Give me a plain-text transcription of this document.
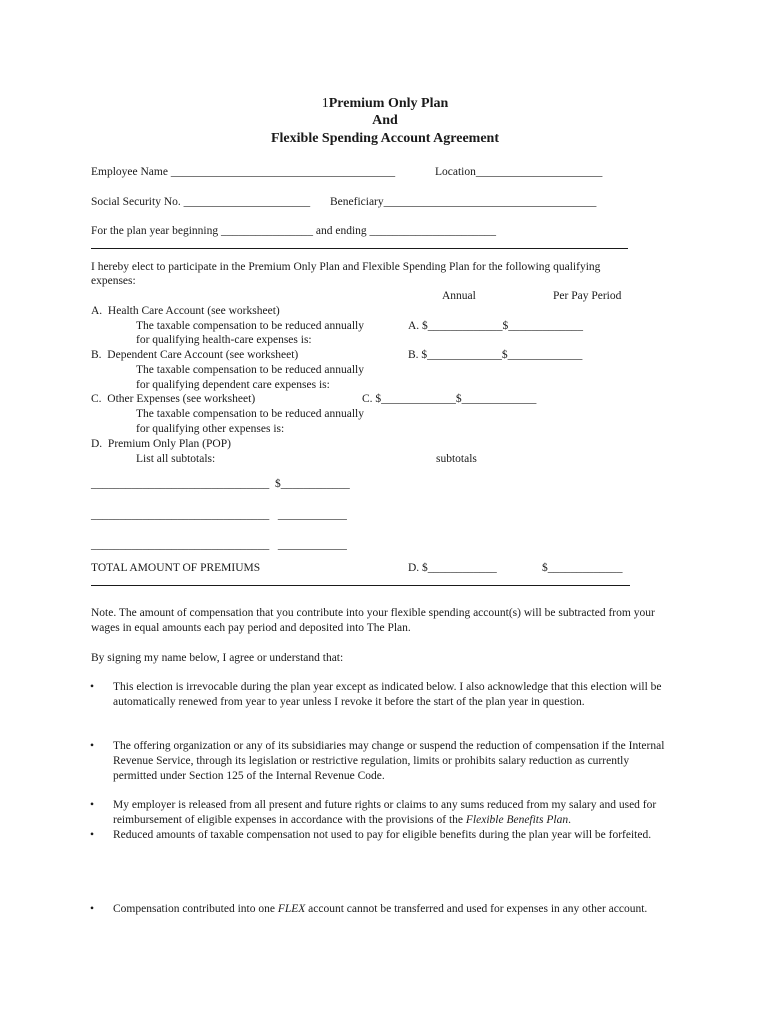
1Premium Only Plan
And
Flexible Spending Account Agreement
Employee Name _______________________________________	Location______________________
Social Security No. ______________________ Beneficiary_____________________________________
For the plan year beginning ________________ and ending ______________________
I hereby elect to participate in the Premium Only Plan and Flexible Spending Plan for the following qualifying
expenses:
Annual	Per Pay Period
A.  Health Care Account (see worksheet)
The taxable compensation to be reduced annually	A. $_____________$_____________
for qualifying health-care expenses is:
B.  Dependent Care Account (see worksheet)	B. $_____________$_____________
The taxable compensation to be reduced annually
for qualifying dependent care expenses is:
C.  Other Expenses (see worksheet)	C. $_____________$_____________
The taxable compensation to be reduced annually
for qualifying other expenses is:
D.  Premium Only Plan (POP)
List all subtotals:	subtotals
_______________________________  $____________
_______________________________   ____________
_______________________________   ____________
TOTAL AMOUNT OF PREMIUMS	D. $____________	$_____________
Note. The amount of compensation that you contribute into your flexible spending account(s) will be subtracted from your wages in equal amounts each pay period and deposited into The Plan.
By signing my name below, I agree or understand that:
• This election is irrevocable during the plan year except as indicated below. I also acknowledge that this election will be automatically renewed from year to year unless I revoke it before the start of the plan year in question.
• The offering organization or any of its subsidiaries may change or suspend the reduction of compensation if the Internal Revenue Service, through its legislation or restrictive regulation, limits or prohibits salary reduction as currently permitted under Section 125 of the Internal Revenue Code.
• My employer is released from all present and future rights or claims to any sums reduced from my salary and used for reimbursement of eligible expenses in accordance with the provisions of the Flexible Benefits Plan.
• Reduced amounts of taxable compensation not used to pay for eligible benefits during the plan year will be forfeited.
• Compensation contributed into one FLEX account cannot be transferred and used for expenses in any other account.
